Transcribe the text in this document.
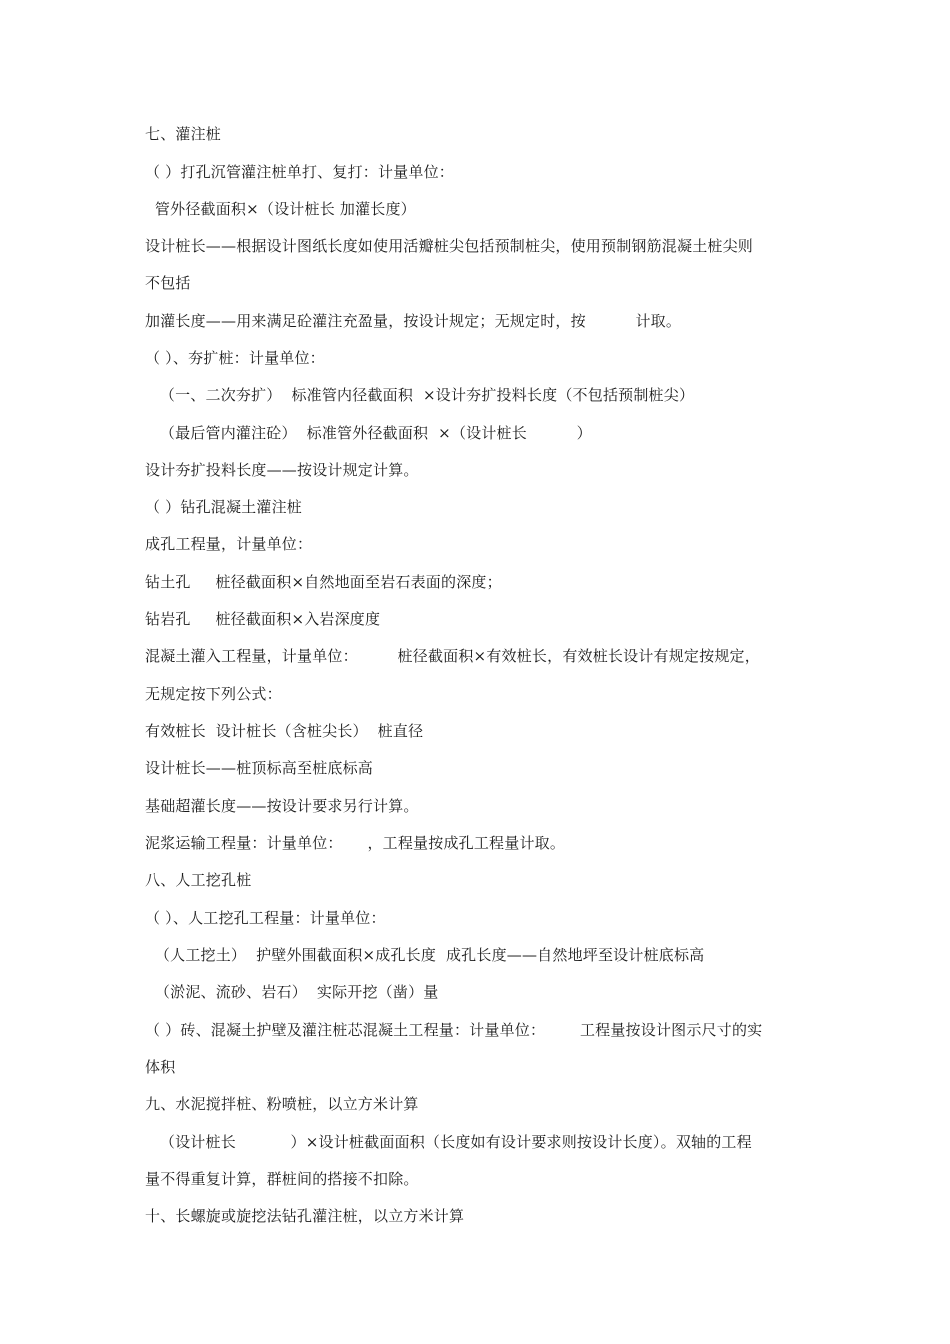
七、灌注桩
（ ）打孔沉管灌注桩单打、复打：计量单位：
管外径截面积×（设计桩长 加灌长度）
设计桩长——根据设计图纸长度如使用活瓣桩尖包括预制桩尖，使用预制钢筋混凝土桩尖则
不包括
加灌长度——用来满足砼灌注充盈量，按设计规定；无规定时，按          计取。
（ ）、夯扩桩：计量单位：
（一、二次夯扩）  标准管内径截面积  ×设计夯扩投料长度（不包括预制桩尖）
（最后管内灌注砼）  标准管外径截面积  ×（设计桩长          ）
设计夯扩投料长度——按设计规定计算。
（ ）钻孔混凝土灌注桩
成孔工程量，计量单位：
钻土孔     桩径截面积×自然地面至岩石表面的深度；
钻岩孔     桩径截面积×入岩深度度
混凝土灌入工程量，计量单位：        桩径截面积×有效桩长，有效桩长设计有规定按规定，
无规定按下列公式：
有效桩长  设计桩长（含桩尖长）  桩直径
设计桩长——桩顶标高至桩底标高
基础超灌长度——按设计要求另行计算。
泥浆运输工程量：计量单位：     ，工程量按成孔工程量计取。
八、人工挖孔桩
（ ）、人工挖孔工程量：计量单位：
（人工挖土）  护壁外围截面积×成孔长度  成孔长度——自然地坪至设计桩底标高
（淤泥、流砂、岩石）  实际开挖（凿）量
（ ）砖、混凝土护壁及灌注桩芯混凝土工程量：计量单位：       工程量按设计图示尺寸的实
体积
九、水泥搅拌桩、粉喷桩，以立方米计算
（设计桩长           ）×设计桩截面面积（长度如有设计要求则按设计长度）。双轴的工程
量不得重复计算，群桩间的搭接不扣除。
十、长螺旋或旋挖法钻孔灌注桩，以立方米计算
